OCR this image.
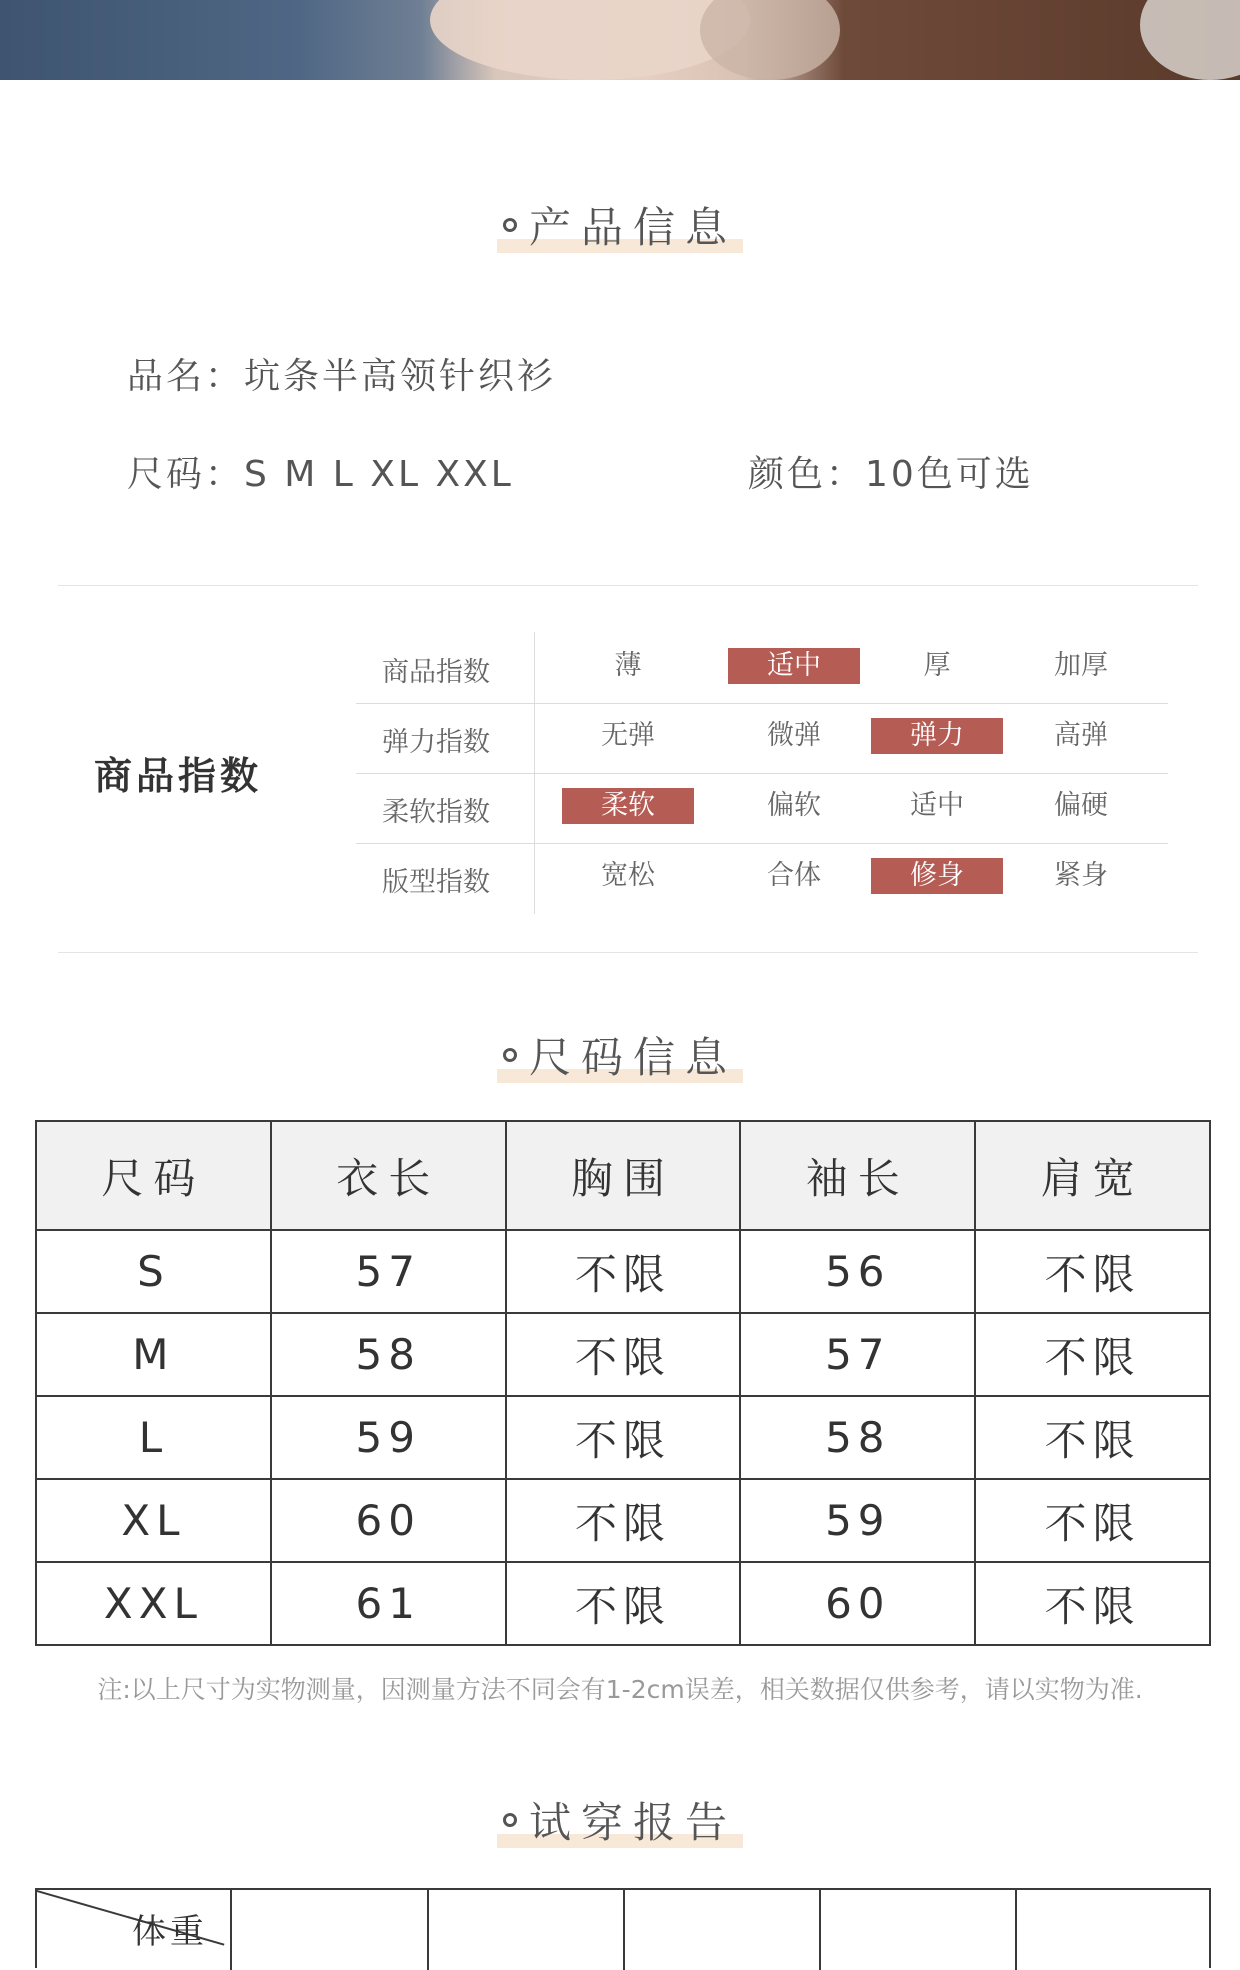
产品信息
品名：坑条半高领针织衫
尺码：S M L XL XXL	颜色：10色可选
商品指数
商品指数	薄	适中	厚	加厚
弹力指数	无弹	微弹	弹力	高弹
柔软指数	柔软	偏软	适中	偏硬
版型指数	宽松	合体	修身	紧身
尺码信息
尺码	衣长	胸围	袖长	肩宽
S	57	不限	56	不限
M	58	不限	57	不限
L	59	不限	58	不限
XL	60	不限	59	不限
XXL	61	不限	60	不限
注:以上尺寸为实物测量，因测量方法不同会有1-2cm误差，相关数据仅供参考，请以实物为准.
试穿报告
体重
